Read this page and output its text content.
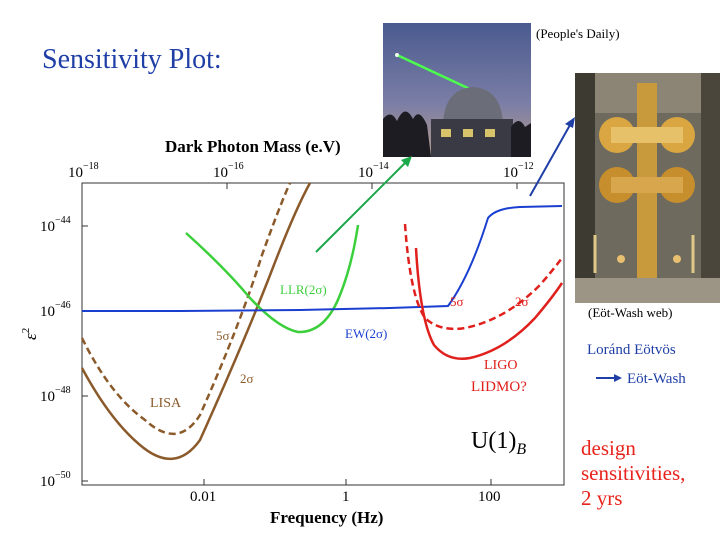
Sensitivity Plot:
(People's Daily)
(Eöt-Wash web)
Dark Photon Mass (e.V)
Frequency (Hz)
Loránd Eötvös
Eöt-Wash
design
sensitivities,
2 yrs
$10^{-18}$	$10^{-16}$	$10^{-14}$	$10^{-12}$
$10^{-44}$
$10^{-46}$
$10^{-48}$
$10^{-50}$
$\varepsilon^2$
0.01	1	100
LLR(2σ)
LISA
5σ
2σ
EW(2σ)
5σ	2σ
LIGO
LIDMO?
$U(1)_B$
